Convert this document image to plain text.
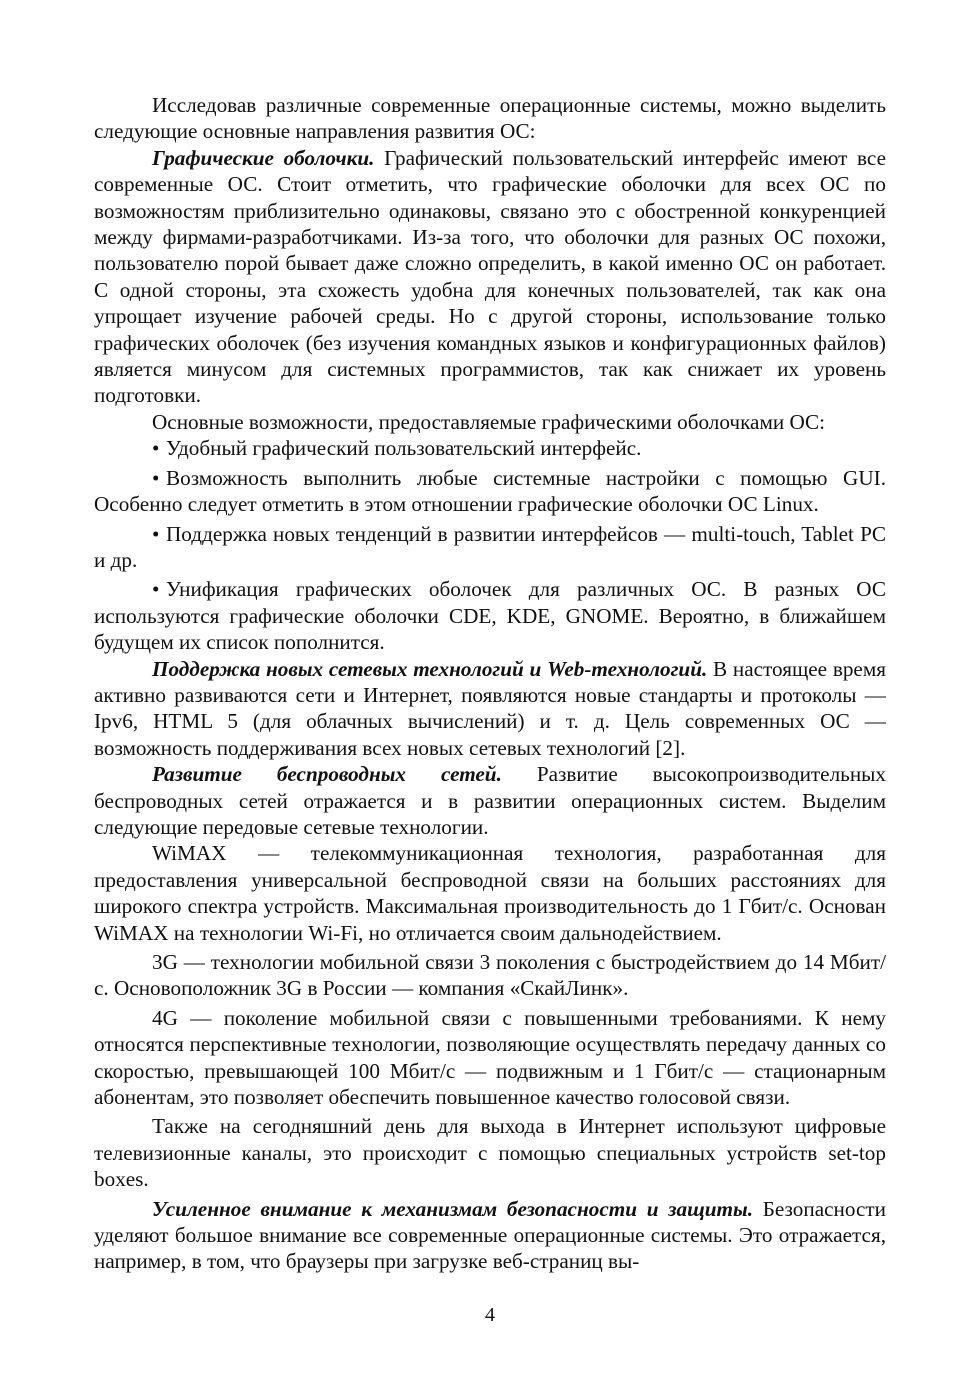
Исследовав различные современные операционные системы, можно выделить следующие основные направления развития ОС:

Графические оболочки. Графический пользовательский интерфейс имеют все современные ОС. Стоит отметить, что графические оболочки для всех ОС по возможностям приблизительно одинаковы, связано это с обостренной конкуренцией между фирмами-разработчиками. Из-за того, что оболочки для разных ОС похожи, пользователю порой бывает даже сложно определить, в какой именно ОС он работает. С одной стороны, эта схожесть удобна для конечных пользователей, так как она упрощает изучение рабочей среды. Но с другой стороны, использование только графических оболочек (без изучения командных языков и конфигурационных файлов) является минусом для системных программистов, так как снижает их уровень подготовки.

Основные возможности, предоставляемые графическими оболочками ОС:

• Удобный графический пользовательский интерфейс.

• Возможность выполнить любые системные настройки с помощью GUI. Особенно следует отметить в этом отношении графические оболочки ОС Linux.

• Поддержка новых тенденций в развитии интерфейсов — multi-touch, Tablet PC и др.

• Унификация графических оболочек для различных ОС. В разных ОС используются графические оболочки CDE, KDE, GNOME. Вероятно, в ближайшем будущем их список пополнится.

Поддержка новых сетевых технологий и Web-технологий. В настоящее время активно развиваются сети и Интернет, появляются новые стандарты и протоколы — Ipv6, HTML 5 (для облачных вычислений) и т. д. Цель современных ОС — возможность поддерживания всех новых сетевых технологий [2].

Развитие беспроводных сетей. Развитие высокопроизводительных беспроводных сетей отражается и в развитии операционных систем. Выделим следующие передовые сетевые технологии.

WiMAX — телекоммуникационная технология, разработанная для предоставления универсальной беспроводной связи на больших расстояниях для широкого спектра устройств. Максимальная производительность до 1 Гбит/с. Основан WiMAX на технологии Wi-Fi, но отличается своим дальнодействием.

3G — технологии мобильной связи 3 поколения с быстродействием до 14 Мбит/с. Основоположник 3G в России — компания «СкайЛинк».

4G — поколение мобильной связи с повышенными требованиями. К нему относятся перспективные технологии, позволяющие осуществлять передачу данных со скоростью, превышающей 100 Мбит/с — подвижным и 1 Гбит/с — стационарным абонентам, это позволяет обеспечить повышенное качество голосовой связи.

Также на сегодняшний день для выхода в Интернет используют цифровые телевизионные каналы, это происходит с помощью специальных устройств set-top boxes.

Усиленное внимание к механизмам безопасности и защиты. Безопасности уделяют большое внимание все современные операционные системы. Это отражается, например, в том, что браузеры при загрузке веб-страниц вы-

4
